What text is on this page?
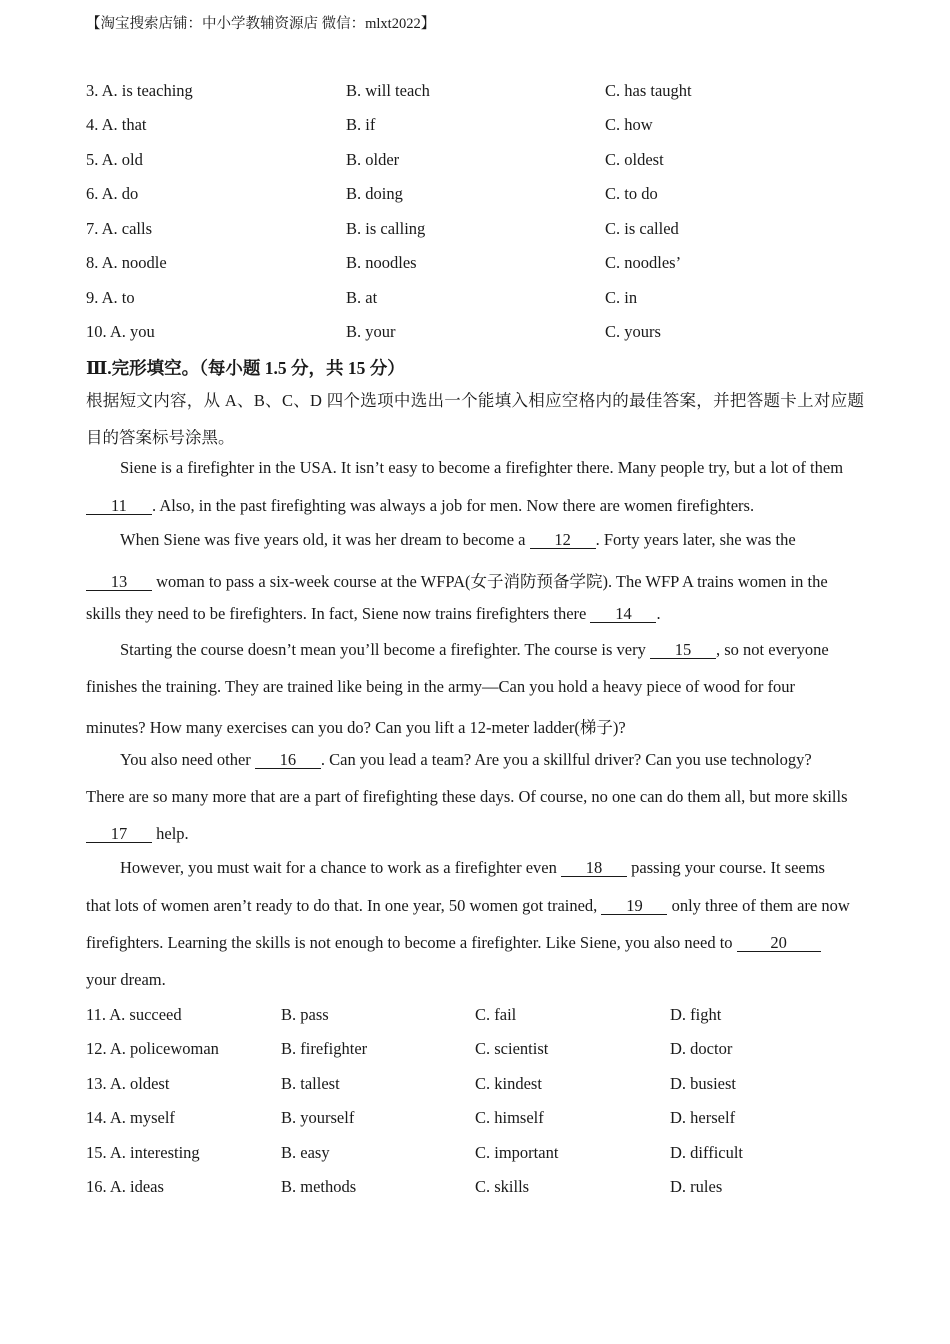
【淘宝搜索店铺：中小学教辅资源店 微信：mlxt2022】
3. A. is teaching	B. will teach	C. has taught
4. A. that	B. if	C. how
5. A. old	B. older	C. oldest
6. A. do	B. doing	C. to do
7. A. calls	B. is calling	C. is called
8. A. noodle	B. noodles	C. noodles’
9. A. to	B. at	C. in
10. A. you	B. your	C. yours
Ⅲ.完形填空。（每小题 1.5 分，共 15 分）
根据短文内容，从 A、B、C、D 四个选项中选出一个能填入相应空格内的最佳答案，并把答题卡上对应题
目的答案标号涂黑。
Siene is a firefighter in the USA. It isn’t easy to become a firefighter there. Many people try, but a lot of them
11 . Also, in the past firefighting was always a job for men. Now there are women firefighters.
When Siene was five years old, it was her dream to become a 12 . Forty years later, she was the
13 woman to pass a six-week course at the WFPA(女子消防预备学院). The WFP A trains women in the
skills they need to be firefighters. In fact, Siene now trains firefighters there 14 .
Starting the course doesn’t mean you’ll become a firefighter. The course is very 15 , so not everyone
finishes the training. They are trained like being in the army—Can you hold a heavy piece of wood for four
minutes? How many exercises can you do? Can you lift a 12-meter ladder(梯子)?
You also need other 16 . Can you lead a team? Are you a skillful driver? Can you use technology?
There are so many more that are a part of firefighting these days. Of course, no one can do them all, but more skills
17 help.
However, you must wait for a chance to work as a firefighter even 18 passing your course. It seems
that lots of women aren’t ready to do that. In one year, 50 women got trained, 19 only three of them are now
firefighters. Learning the skills is not enough to become a firefighter. Like Siene, you also need to 20
your dream.
11. A. succeed	B. pass	C. fail	D. fight
12. A. policewoman	B. firefighter	C. scientist	D. doctor
13. A. oldest	B. tallest	C. kindest	D. busiest
14. A. myself	B. yourself	C. himself	D. herself
15. A. interesting	B. easy	C. important	D. difficult
16. A. ideas	B. methods	C. skills	D. rules
